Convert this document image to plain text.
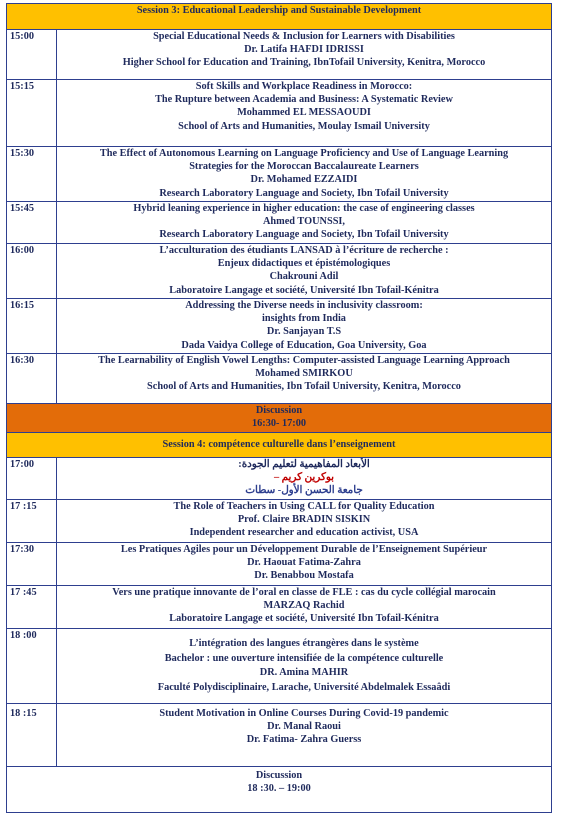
Session 3: Educational Leadership and Sustainable Development	
15:00	Special Educational Needs & Inclusion for Learners with Disabilities
Dr. Latifa HAFDI IDRISSI
Higher School for Education and Training, IbnTofail University, Kenitra, Morocco

15:15	Soft Skills and Workplace Readiness in Morocco:
The Rupture between Academia and Business: A Systematic Review
Mohammed EL MESSAOUDI
School of Arts and Humanities, Moulay Ismail University

15:30	The Effect of Autonomous Learning on Language Proficiency and Use of Language Learning
Strategies for the Moroccan Baccalaureate Learners
Dr. Mohamed EZZAIDI
Research Laboratory Language and Society, Ibn Tofail University

15:45	Hybrid leaning experience in higher education: the case of engineering classes
Ahmed TOUNSSI,
Research Laboratory Language and Society, Ibn Tofail University

16:00	L’acculturation des étudiants LANSAD à l’écriture de recherche :
Enjeux didactiques et épistémologiques
Chakrouni Adil
Laboratoire Langage et société, Université Ibn Tofail-Kénitra

16:15	Addressing the Diverse needs in inclusivity classroom:
insights from India
Dr. Sanjayan T.S
Dada Vaidya College of Education, Goa University, Goa

16:30	The Learnability of English Vowel Lengths: Computer-assisted Language Learning Approach
Mohamed SMIRKOU
School of Arts and Humanities, Ibn Tofail University, Kenitra, Morocco

Discussion
16:30- 17:00	

Session 4: compétence culturelle dans l’enseignement	
17:00	الأبعاد المفاهيمية لتعليم الجودة:
بوكرين كريم –
جامعة الحسن الأول- سطات

17 :15	The Role of Teachers in Using CALL for Quality Education
Prof. Claire BRADIN SISKIN
Independent researcher and education activist, USA

17:30	Les Pratiques Agiles pour un Développement Durable de l’Enseignement Supérieur
Dr. Haouat Fatima-Zahra
Dr. Benabbou Mostafa

17 :45	Vers une pratique innovante de l’oral en classe de FLE : cas du cycle collégial marocain
MARZAQ Rachid
Laboratoire Langage et société, Université Ibn Tofail-Kénitra

18 :00	L’intégration des langues étrangères dans le système
Bachelor : une ouverture intensifiée de la compétence culturelle
DR. Amina MAHIR
Faculté Polydisciplinaire, Larache, Université Abdelmalek Essaâdi

18 :15	Student Motivation in Online Courses During Covid-19 pandemic
Dr. Manal Raoui
Dr. Fatima- Zahra Guerss

Discussion
18 :30. – 19:00	
